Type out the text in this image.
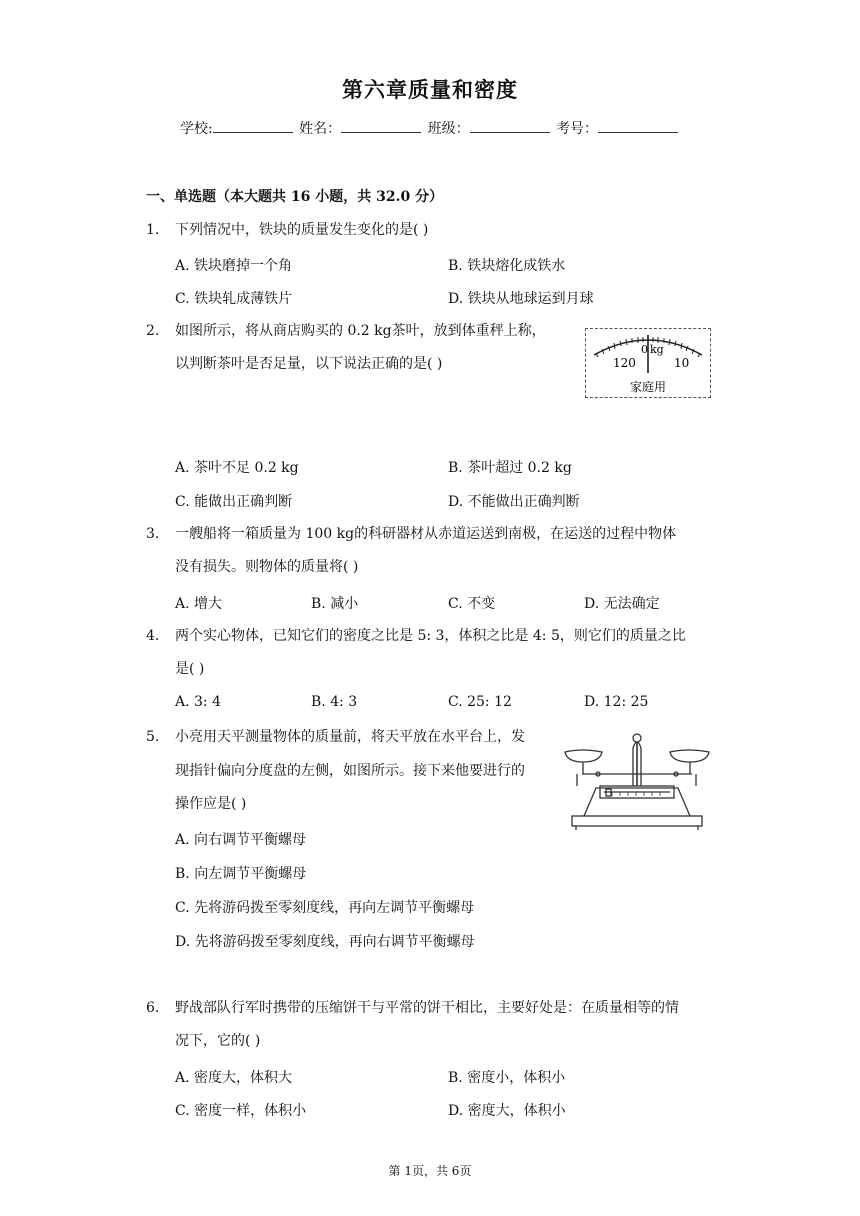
第六章质量和密度
学校:	姓名：	班级：	考号：
一、单选题（本大题共 16 小题，共 32.0 分）
1. 下列情况中，铁块的质量发生变化的是( )
A. 铁块磨掉一个角	B. 铁块熔化成铁水
C. 铁块轧成薄铁片	D. 铁块从地球运到月球
2. 如图所示，将从商店购买的 0.2 kg茶叶，放到体重秤上称，
以判断茶叶是否足量，以下说法正确的是( )	120
0 kg
10
家庭用
A. 茶叶不足 0.2 kg	B. 茶叶超过 0.2 kg
C. 能做出正确判断	D. 不能做出正确判断
3. 一艘船将一箱质量为 100 kg的科研器材从赤道运送到南极，在运送的过程中物体
没有损失。则物体的质量将( )
A. 增大	B. 减小	C. 不变	D. 无法确定
4. 两个实心物体，已知它们的密度之比是 5: 3，体积之比是 4: 5，则它们的质量之比
是( )
A. 3: 4	B. 4: 3	C. 25: 12	D. 12: 25
5. 小亮用天平测量物体的质量前，将天平放在水平台上，发
现指针偏向分度盘的左侧，如图所示。接下来他要进行的
操作应是( )
A. 向右调节平衡螺母
B. 向左调节平衡螺母
C. 先将游码拨至零刻度线，再向左调节平衡螺母
D. 先将游码拨至零刻度线，再向右调节平衡螺母
6. 野战部队行军时携带的压缩饼干与平常的饼干相比，主要好处是：在质量相等的情
况下，它的( )
A. 密度大，体积大	B. 密度小，体积小
C. 密度一样，体积小	D. 密度大，体积小
第 1页，共 6页
